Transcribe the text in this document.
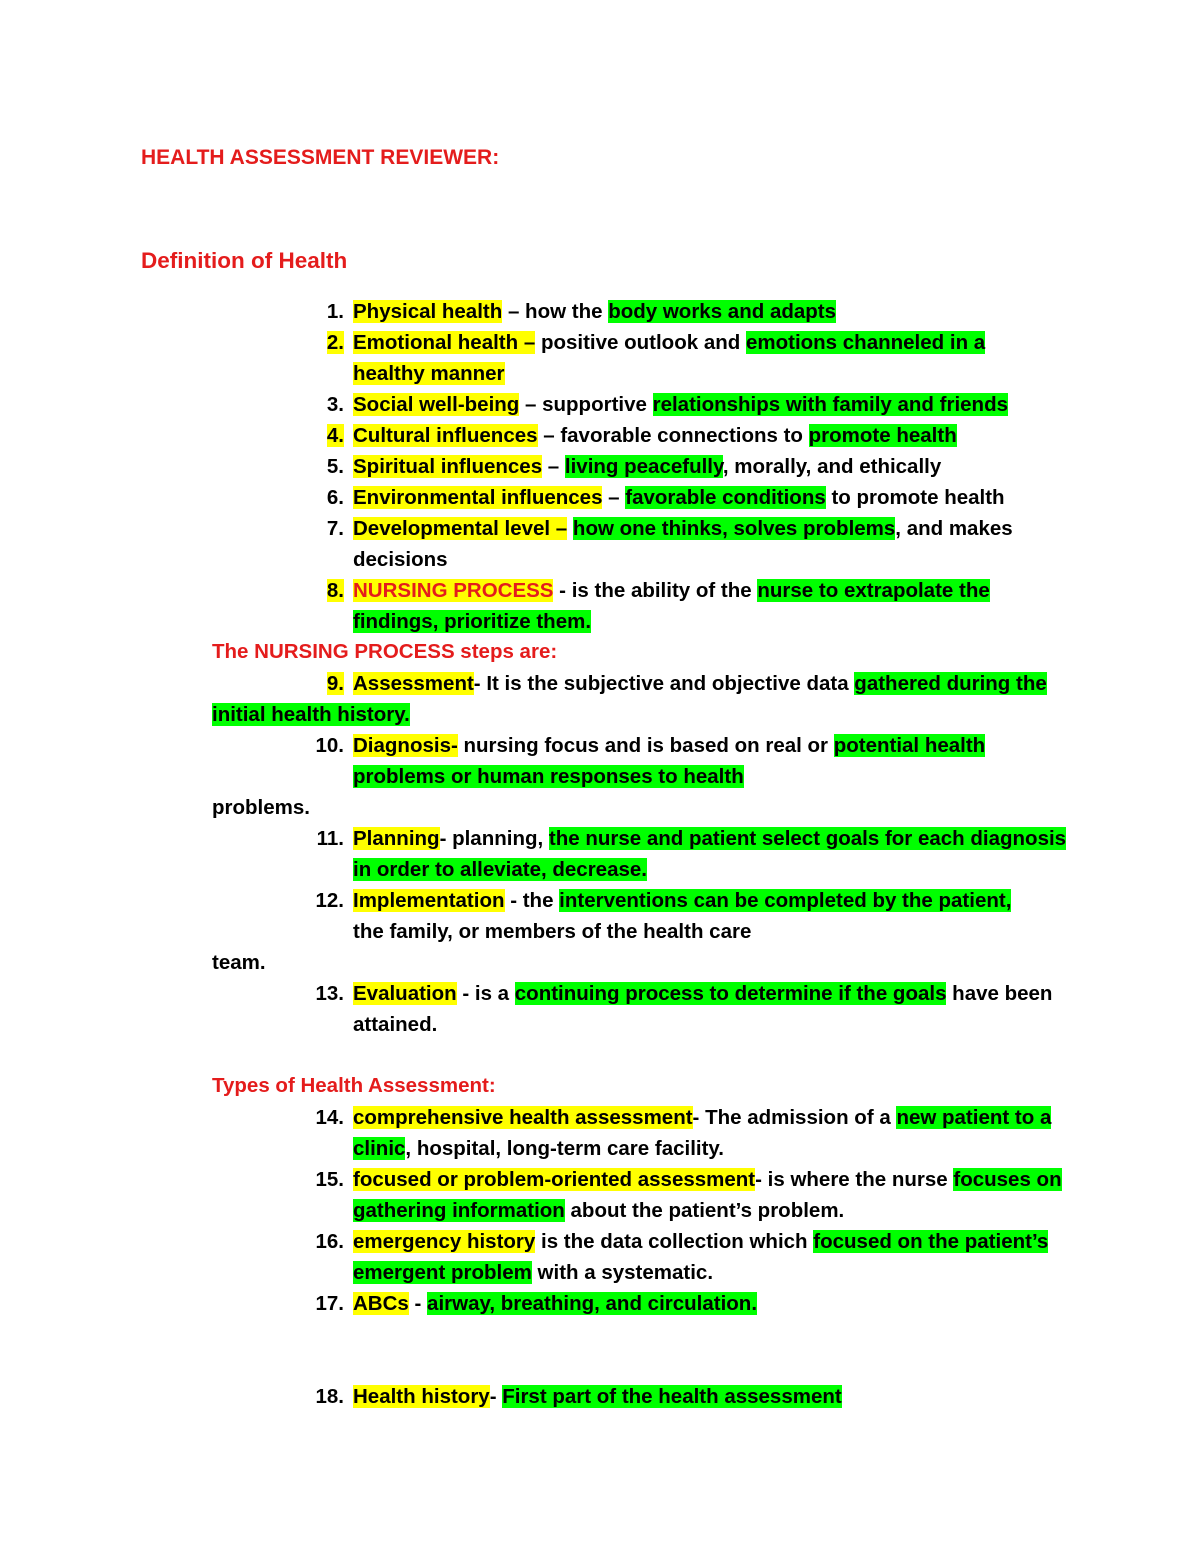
HEALTH ASSESSMENT REVIEWER:
Definition of Health
1. Physical health – how the body works and adapts
2. Emotional health – positive outlook and emotions channeled in a
healthy manner
3. Social well-being – supportive relationships with family and friends
4. Cultural influences – favorable connections to promote health
5. Spiritual influences – living peacefully, morally, and ethically
6. Environmental influences – favorable conditions to promote health
7. Developmental level – how one thinks, solves problems, and makes
decisions
8. NURSING PROCESS - is the ability of the nurse to extrapolate the
findings, prioritize them.
The NURSING PROCESS steps are:
9. Assessment- It is the subjective and objective data gathered during the
initial health history.
10. Diagnosis- nursing focus and is based on real or potential health
problems or human responses to health
problems.
11. Planning- planning, the nurse and patient select goals for each diagnosis
in order to alleviate, decrease.
12. Implementation - the interventions can be completed by the patient,
the family, or members of the health care
team.
13. Evaluation - is a continuing process to determine if the goals have been
attained.
Types of Health Assessment:
14. comprehensive health assessment- The admission of a new patient to a
clinic, hospital, long-term care facility.
15. focused or problem-oriented assessment- is where the nurse focuses on
gathering information about the patient’s problem.
16. emergency history is the data collection which focused on the patient’s
emergent problem with a systematic.
17. ABCs - airway, breathing, and circulation.
18. Health history- First part of the health assessment
